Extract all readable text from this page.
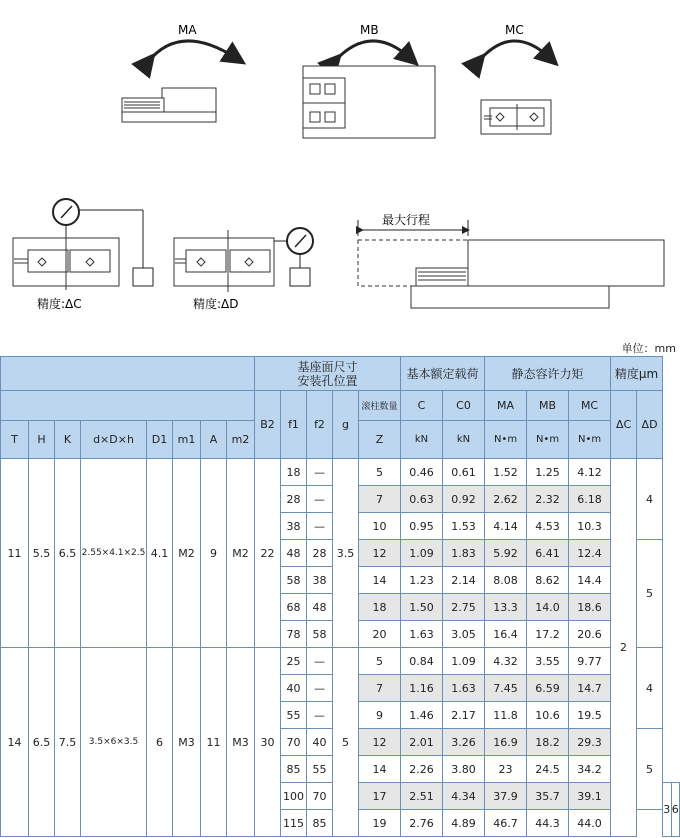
MA	MB	MC
精度:ΔC	精度:ΔD
最大行程
单位：mm
								基座面尺寸
安装孔位置					基本额定载荷		静态容许力矩			精度μm			
								B2	f1	f2	g	滚柱数量	C	C0	MA	MB	MC	ΔC	ΔD		
T	H	K	d×D×h	D1	m1	A	m2					Z	kN	kN	N•m	N•m	N•m				
11	5.5	6.5	2.55×4.1×2.5	4.1	M2	9	M2	22	18	—	3.5	5	0.46	0.61	1.52	1.25	4.12	2	4		
									28	—		7	0.63	0.92	2.62	2.32	6.18				
									38	—		10	0.95	1.53	4.14	4.53	10.3				
									48	28		12	1.09	1.83	5.92	6.41	12.4		5		
									58	38		14	1.23	2.14	8.08	8.62	14.4				
									68	48		18	1.50	2.75	13.3	14.0	18.6				
									78	58		20	1.63	3.05	16.4	17.2	20.6				
14	6.5	7.5	3.5×6×3.5	6	M3	11	M3	30	25	—	5	5	0.84	1.09	4.32	3.55	9.77		4		
									40	—		7	1.16	1.63	7.45	6.59	14.7				
									55	—		9	1.46	2.17	11.8	10.6	19.5				
									70	40		12	2.01	3.26	16.9	18.2	29.3		5		
									85	55		14	2.26	3.80	23	24.5	34.2				
									100	70		17	2.51	4.34	37.9	35.7	39.1			3	6
									115	85		19	2.76	4.89	46.7	44.3	44.0				
